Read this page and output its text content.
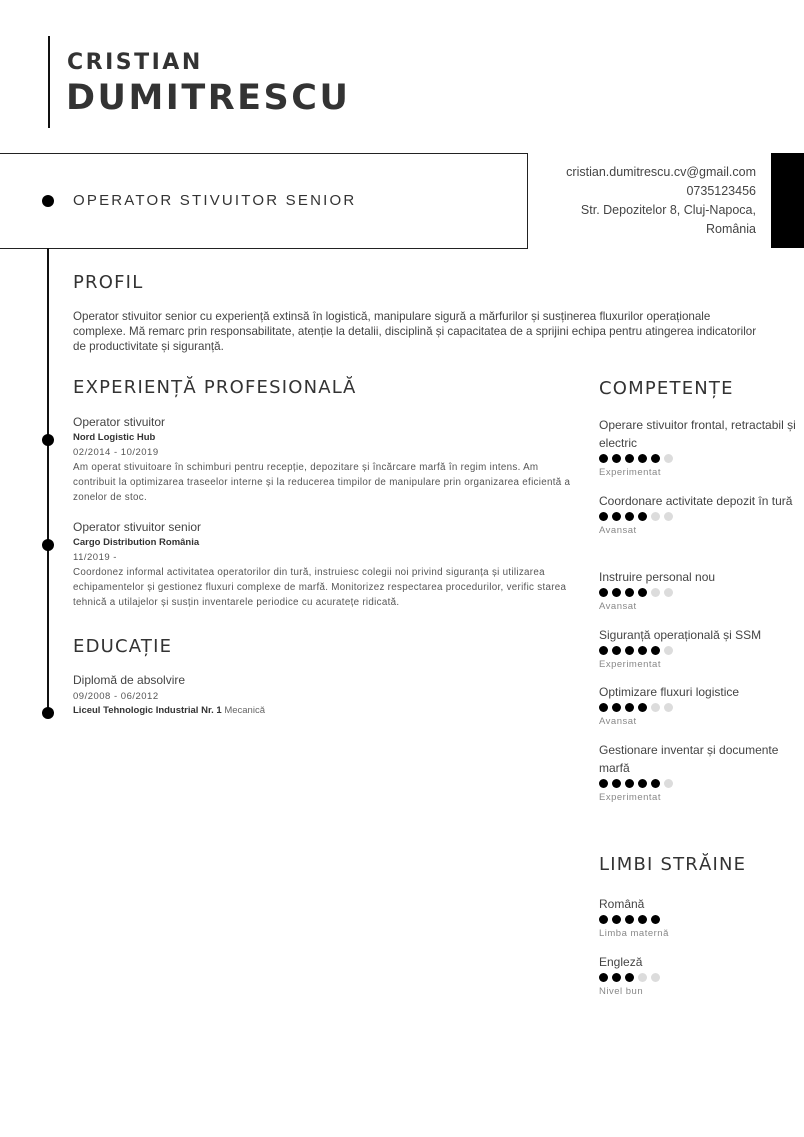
CRISTIAN
DUMITRESCU
OPERATOR STIVUITOR SENIOR
cristian.dumitrescu.cv@gmail.com
0735123456
Str. Depozitelor 8, Cluj-Napoca,
România
PROFIL
Operator stivuitor senior cu experiență extinsă în logistică, manipulare sigură a mărfurilor și susținerea fluxurilor operaționale complexe. Mă remarc prin responsabilitate, atenție la detalii, disciplină și capacitatea de a sprijini echipa pentru atingerea indicatorilor de productivitate și siguranță.
EXPERIENȚĂ PROFESIONALĂ
Operator stivuitor
Nord Logistic Hub
02/2014 - 10/2019
Am operat stivuitoare în schimburi pentru recepție, depozitare și încărcare marfă în regim intens. Am contribuit la optimizarea traseelor interne și la reducerea timpilor de manipulare prin organizarea eficientă a zonelor de stoc.
Operator stivuitor senior
Cargo Distribution România
11/2019 -
Coordonez informal activitatea operatorilor din tură, instruiesc colegii noi privind siguranța și utilizarea echipamentelor și gestionez fluxuri complexe de marfă. Monitorizez respectarea procedurilor, verific starea tehnică a utilajelor și susțin inventarele periodice cu acuratețe ridicată.
EDUCAȚIE
Diplomă de absolvire
09/2008 - 06/2012
Liceul Tehnologic Industrial Nr. 1 Mecanică
COMPETENȚE
Operare stivuitor frontal, retractabil și electric
Experimentat
Coordonare activitate depozit în tură
Avansat
Instruire personal nou
Avansat
Siguranță operațională și SSM
Experimentat
Optimizare fluxuri logistice
Avansat
Gestionare inventar și documente marfă
Experimentat
LIMBI STRĂINE
Română
Limba maternă
Engleză
Nivel bun
